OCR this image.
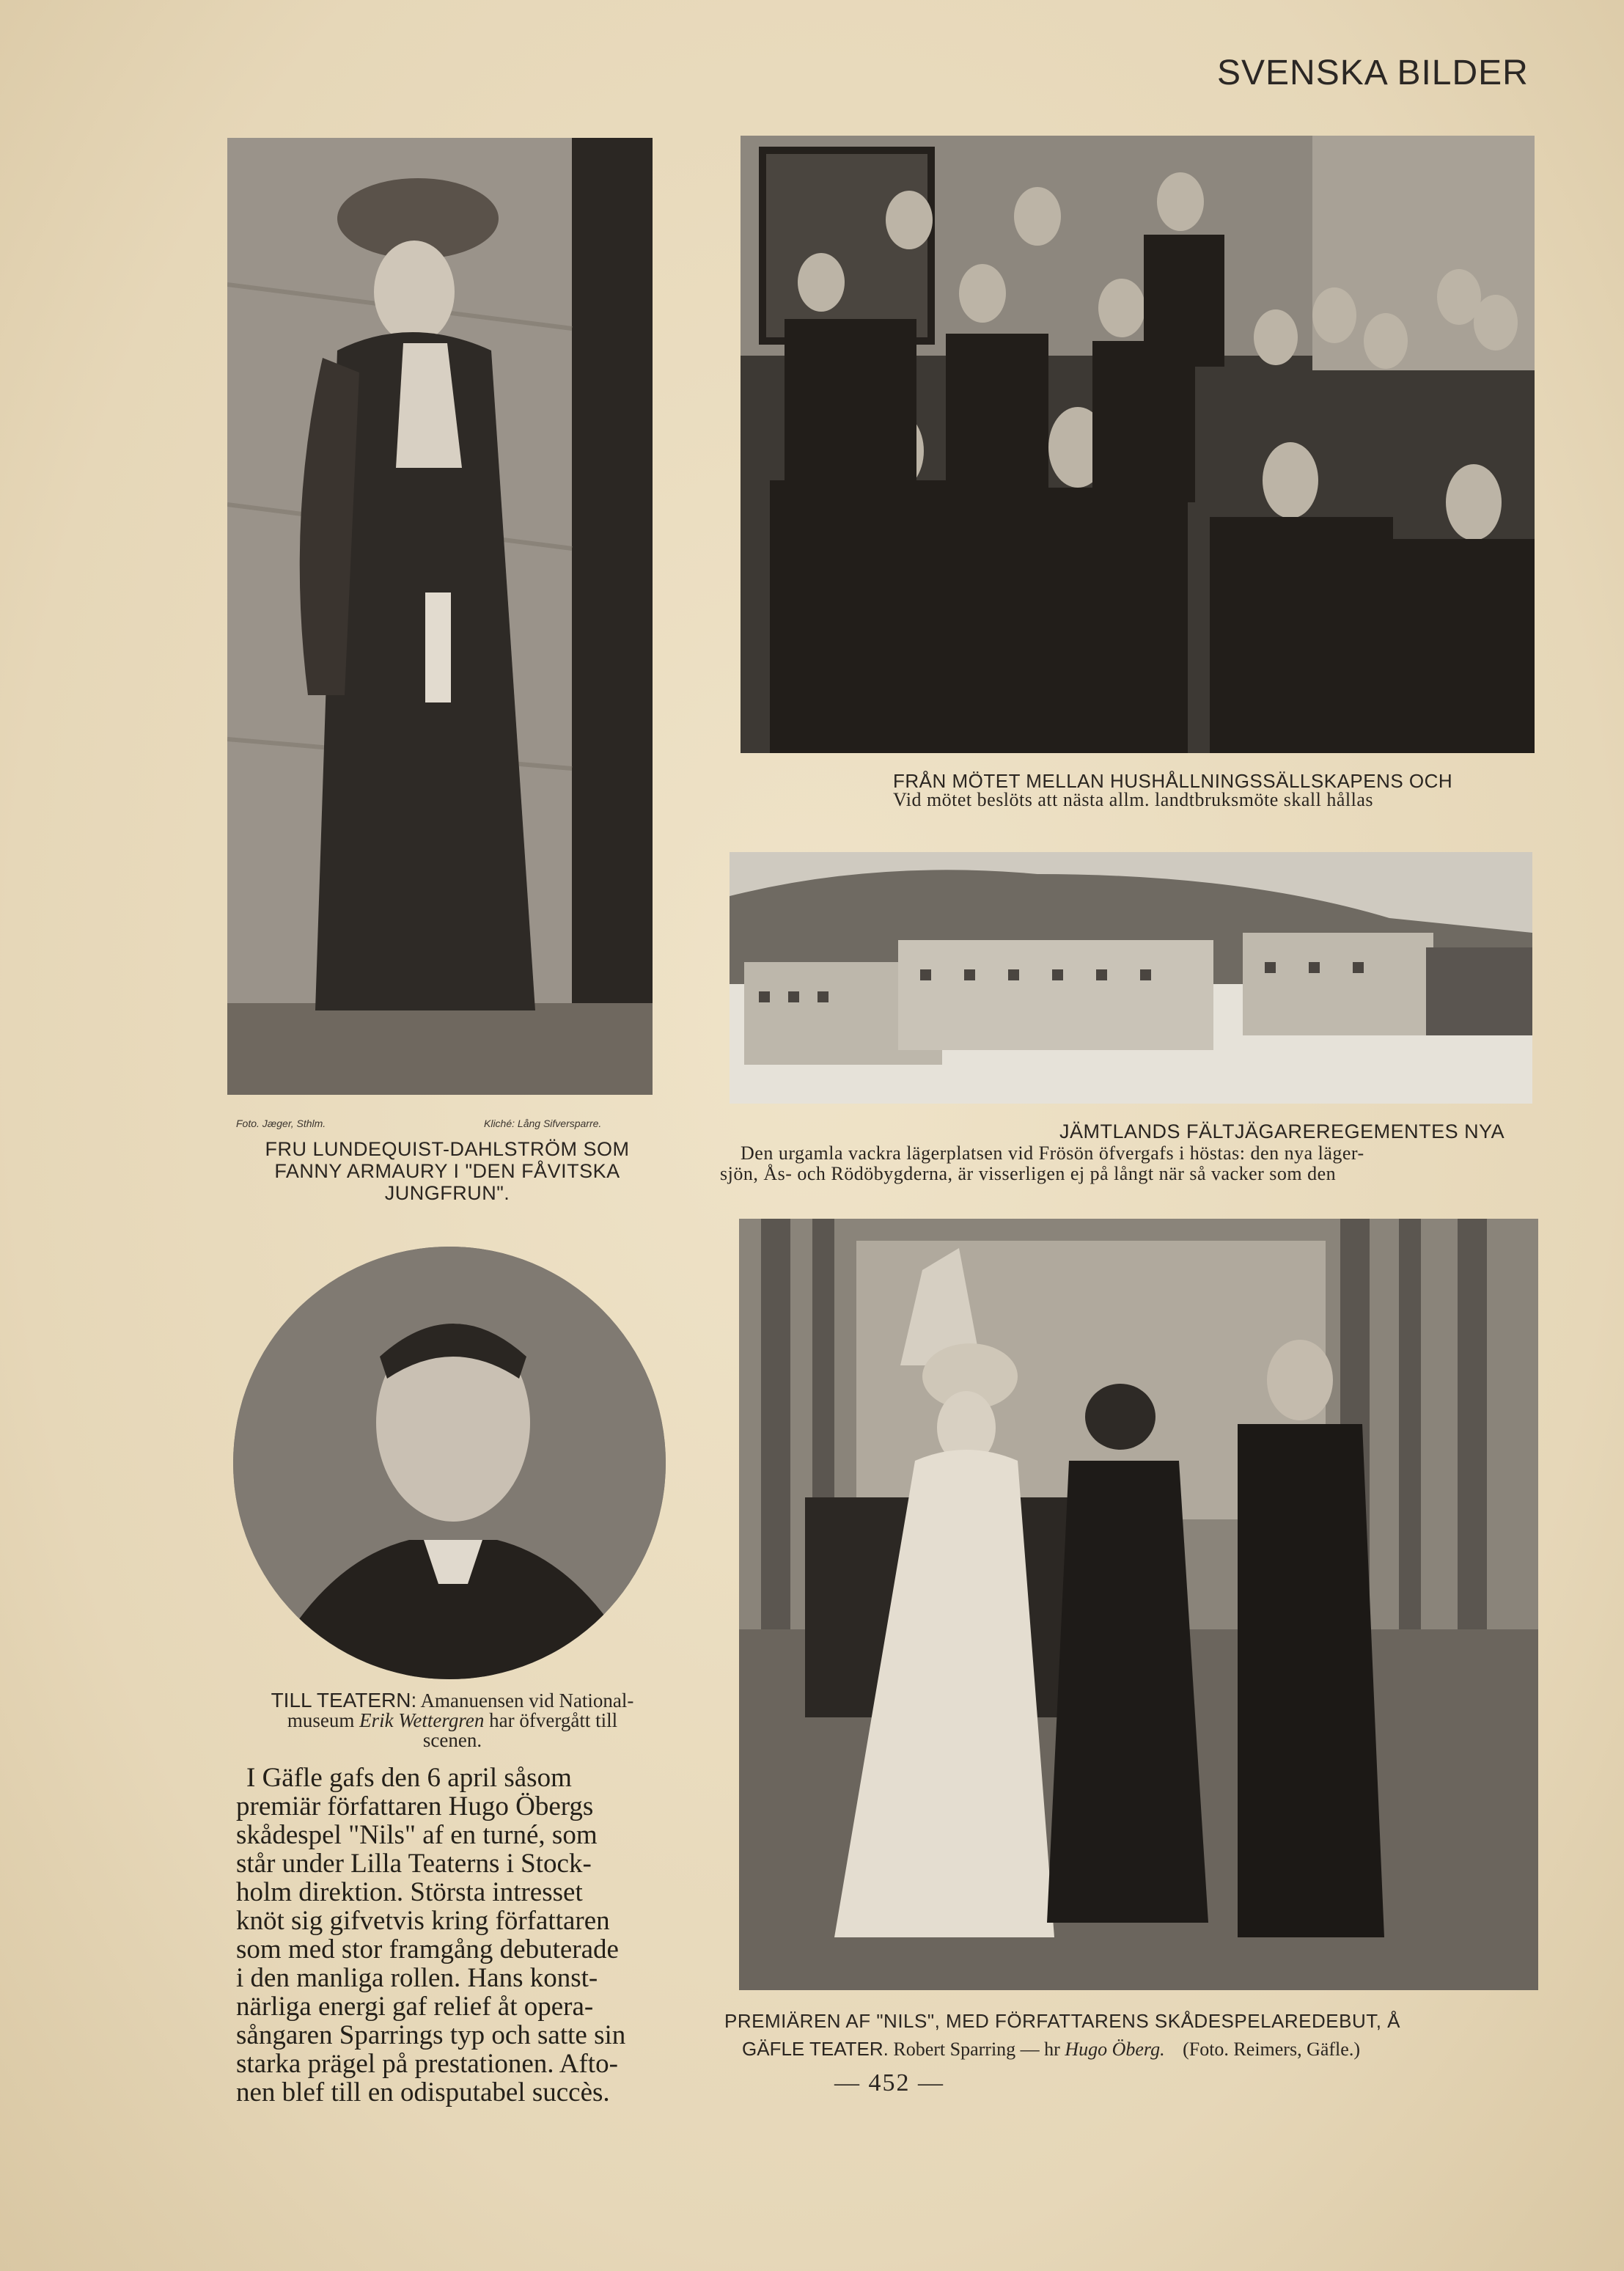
SVENSKA BILDER
Foto. Jæger, Sthlm.	Kliché: Lång Sifversparre.
FRU LUNDEQUIST-DAHLSTRÖM SOM
FANNY ARMAURY I "DEN FÅVITSKA
JUNGFRUN".
FRÅN MÖTET MELLAN HUSHÅLLNINGSSÄLLSKAPENS OCH
Vid mötet beslöts att nästa allm. landtbruksmöte skall hållas
JÄMTLANDS FÄLTJÄGAREREGEMENTES NYA
Den urgamla vackra lägerplatsen vid Frösön öfvergafs i höstas: den nya läger-
sjön, Ås- och Rödöbygderna, är visserligen ej på långt när så vacker som den
TILL TEATERN: Amanuensen vid National-
museum Erik Wettergren har öfvergått till
scenen.

I Gäfle gafs den 6 april såsom

premiär författaren Hugo Öbergs

skådespel "Nils" af en turné, som

står under Lilla Teaterns i Stock-

holm direktion. Största intresset

knöt sig gifvetvis kring författaren

som med stor framgång debuterade

i den manliga rollen. Hans konst-

närliga energi gaf relief åt opera-

sångaren Sparrings typ och satte sin

starka prägel på prestationen. Afto-

nen blef till en odisputabel succès.

PREMIÄREN AF "NILS", MED FÖRFATTARENS SKÅDESPELAREDEBUT, Å
GÄFLE TEATER. Robert Sparring — hr Hugo Öberg. (Foto. Reimers, Gäfle.)
— 452 —
